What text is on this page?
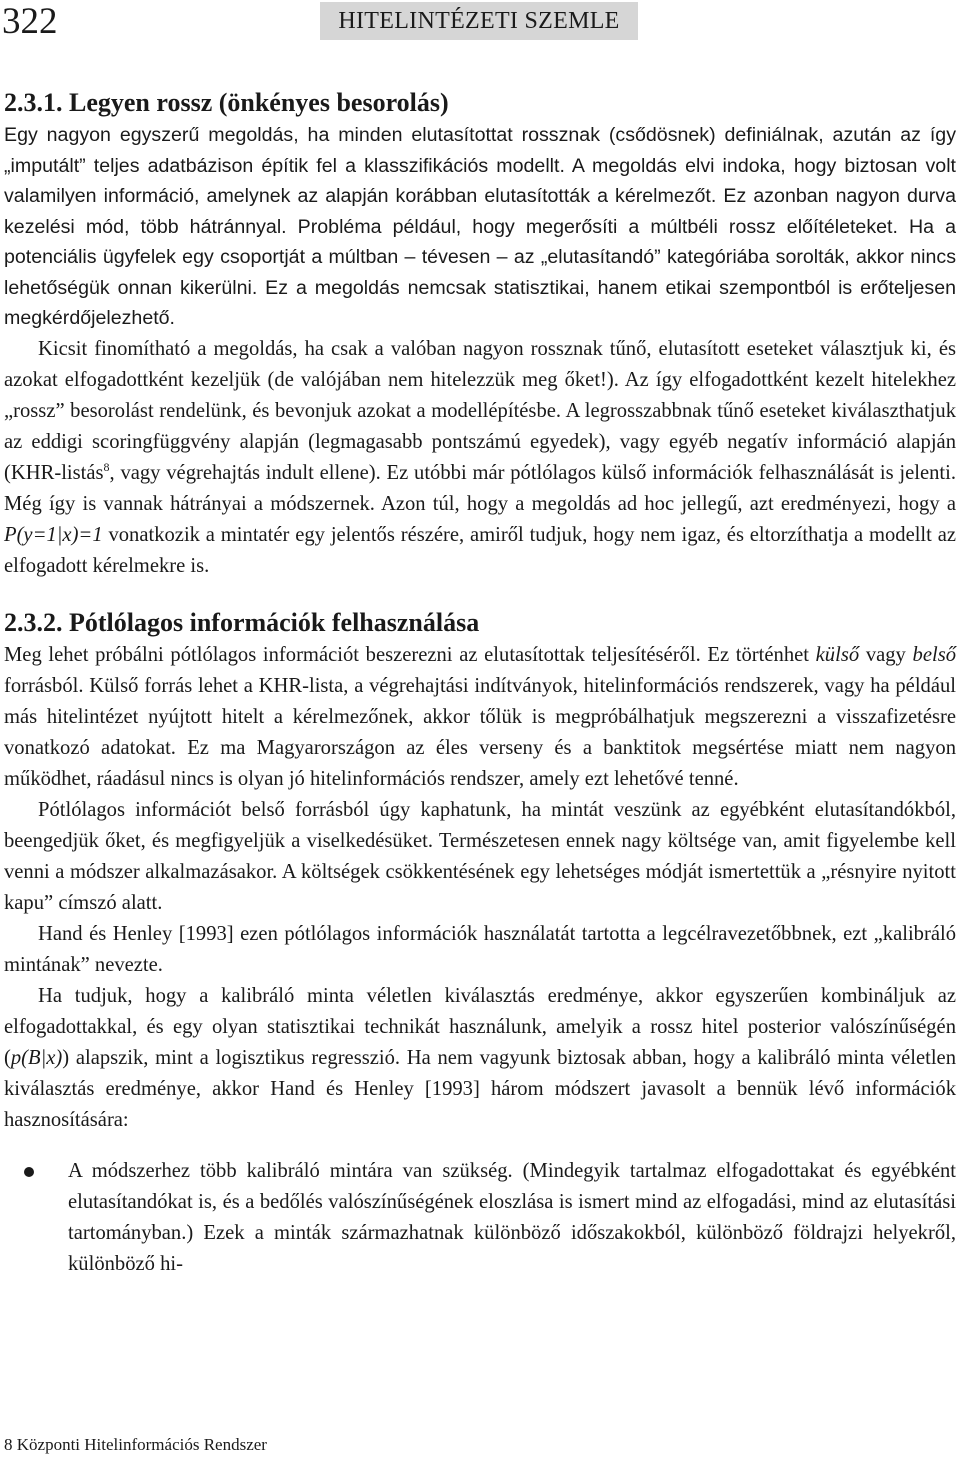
322	HITELINTÉZETI SZEMLE
2.3.1. Legyen rossz (önkényes besorolás)

Egy nagyon egyszerű megoldás, ha minden elutasítottat rossznak (csődösnek) definiálnak, azután az így „imputált” teljes adatbázison építik fel a klasszifikációs modellt. A megoldás elvi indoka, hogy biztosan volt valamilyen információ, amelynek az alapján korábban elutasították a kérelmezőt. Ez azonban nagyon durva kezelési mód, több hátránnyal. Probléma például, hogy megerősíti a múltbéli rossz előítéleteket. Ha a potenciális ügyfelek egy csoportját a múltban – tévesen – az „elutasítandó” kategóriába sorolták, akkor nincs lehetőségük onnan kikerülni. Ez a megoldás nemcsak statisztikai, hanem etikai szempontból is erőteljesen megkérdőjelezhető.

Kicsit finomítható a megoldás, ha csak a valóban nagyon rossznak tűnő, elutasított eseteket választjuk ki, és azokat elfogadottként kezeljük (de valójában nem hitelezzük meg őket!). Az így elfogadottként kezelt hitelekhez „rossz” besorolást rendelünk, és bevonjuk azokat a modellépítésbe. A legrosszabbnak tűnő eseteket kiválaszthatjuk az eddigi scoringfüggvény alapján (legmagasabb pontszámú egyedek), vagy egyéb negatív információ alapján (KHR-listás$^8$, vagy végrehajtás indult ellene). Ez utóbbi már pótlólagos külső információk felhasználását is jelenti. Még így is vannak hátrányai a módszernek. Azon túl, hogy a megoldás ad hoc jellegű, azt eredményezi, hogy a P(y=1|x)=1 vonatkozik a mintatér egy jelentős részére, amiről tudjuk, hogy nem igaz, és eltorzíthatja a modellt az elfogadott kérelmekre is.

2.3.2. Pótlólagos információk felhasználása

Meg lehet próbálni pótlólagos információt beszerezni az elutasítottak teljesítéséről. Ez történhet külső vagy belső forrásból. Külső forrás lehet a KHR-lista, a végrehajtási indítványok, hitelinformációs rendszerek, vagy ha például más hitelintézet nyújtott hitelt a kérelmezőnek, akkor tőlük is megpróbálhatjuk megszerezni a visszafizetésre vonatkozó adatokat. Ez ma Magyarországon az éles verseny és a banktitok megsértése miatt nem nagyon működhet, ráadásul nincs is olyan jó hitelinformációs rendszer, amely ezt lehetővé tenné.

Pótlólagos információt belső forrásból úgy kaphatunk, ha mintát veszünk az egyébként elutasítandókból, beengedjük őket, és megfigyeljük a viselkedésüket. Természetesen ennek nagy költsége van, amit figyelembe kell venni a módszer alkalmazásakor. A költségek csökkentésének egy lehetséges módját ismertettük a „résnyire nyitott kapu” címszó alatt.

Hand és Henley [1993] ezen pótlólagos információk használatát tartotta a legcélravezetőbbnek, ezt „kalibráló mintának” nevezte.

Ha tudjuk, hogy a kalibráló minta véletlen kiválasztás eredménye, akkor egyszerűen kombináljuk az elfogadottakkal, és egy olyan statisztikai technikát használunk, amelyik a rossz hitel posterior valószínűségén (p(B|x)) alapszik, mint a logisztikus regresszió. Ha nem vagyunk biztosak abban, hogy a kalibráló minta véletlen kiválasztás eredménye, akkor Hand és Henley [1993] három módszert javasolt a bennük lévő információk hasznosítására:

A módszerhez több kalibráló mintára van szükség. (Mindegyik tartalmaz elfogadottakat és egyébként elutasítandókat is, és a bedőlés valószínűségének eloszlása is ismert mind az elfogadási, mind az elutasítási tartományban.) Ezek a minták származhatnak különböző időszakokból, különböző földrajzi helyekről, különböző hi-
8 Központi Hitelinformációs Rendszer
